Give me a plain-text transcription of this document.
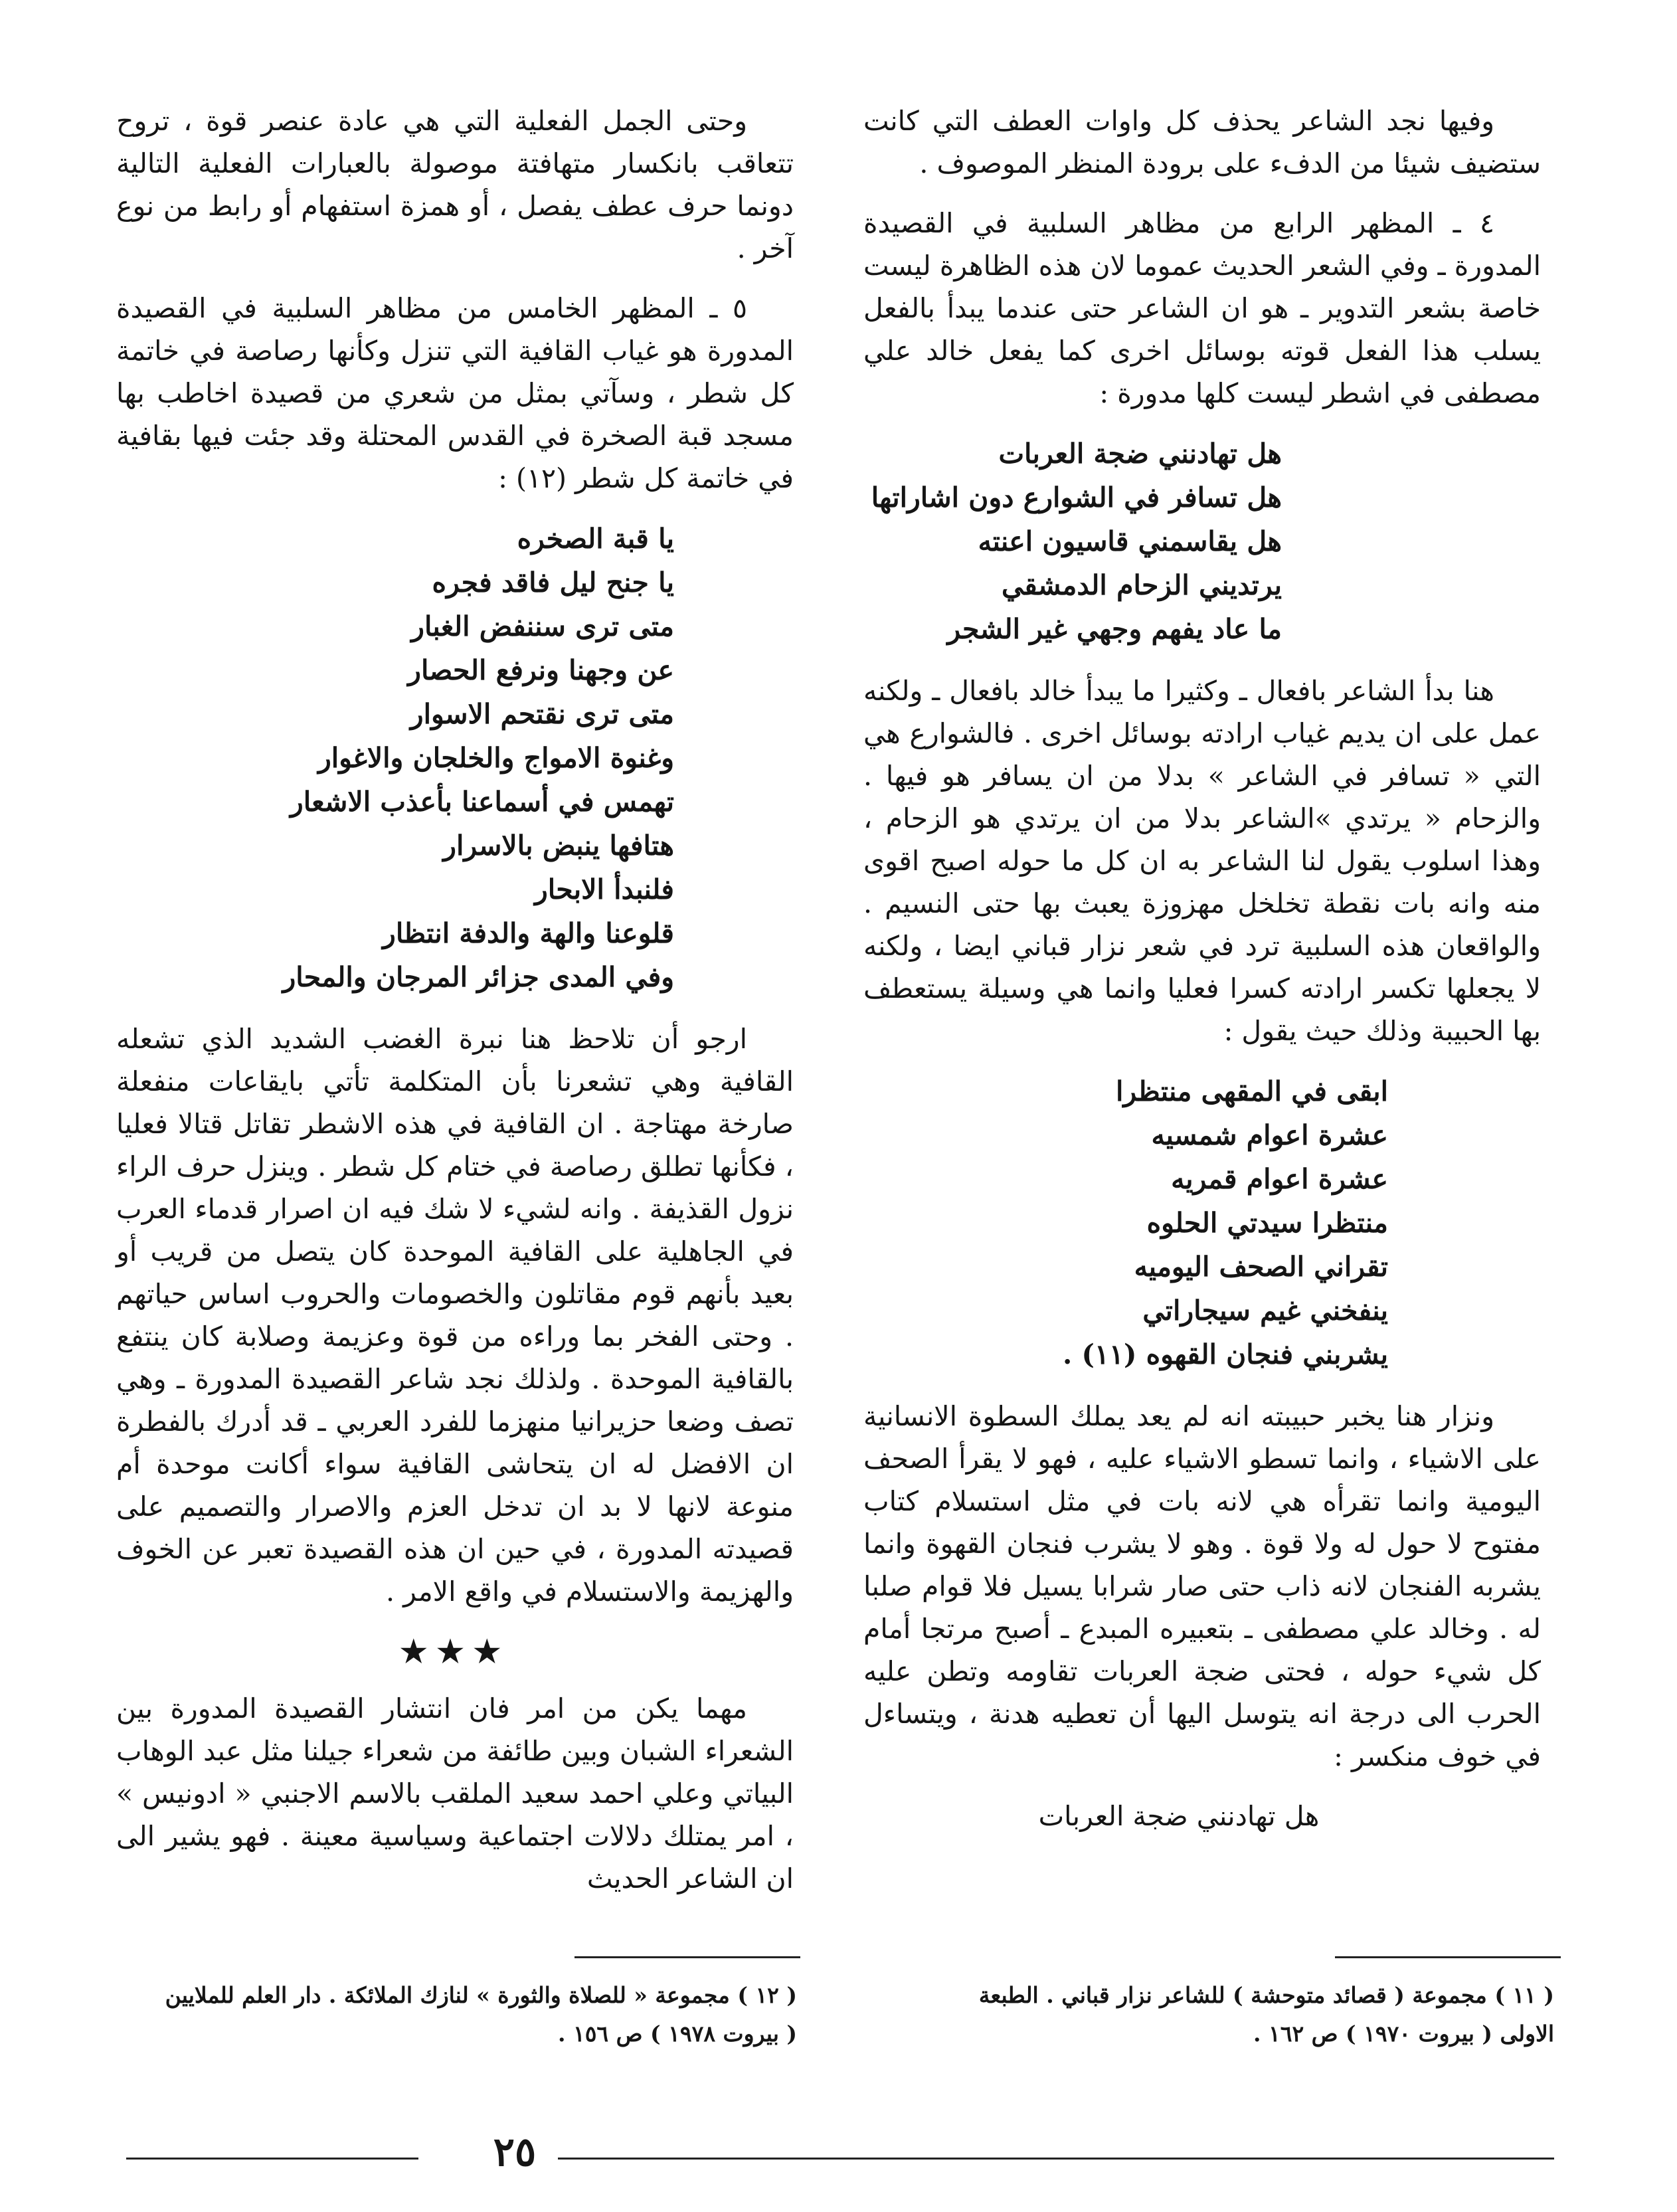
وفيها نجد الشاعر يحذف كل واوات العطف التي كانت ستضيف شيئا من الدفء على برودة المنظر الموصوف .

٤ ـ المظهر الرابع من مظاهر السلبية في القصيدة المدورة ـ وفي الشعر الحديث عموما لان هذه الظاهرة ليست خاصة بشعر التدوير ـ هو ان الشاعر حتى عندما يبدأ بالفعل يسلب هذا الفعل قوته بوسائل اخرى كما يفعل خالد علي مصطفى في اشطر ليست كلها مدورة :

هل تهادنني ضجة العربات
هل تسافر في الشوارع دون اشاراتها
هل يقاسمني قاسيون اعنته
يرتديني الزحام الدمشقي
ما عاد يفهم وجهي غير الشجر

هنا بدأ الشاعر بافعال ـ وكثيرا ما يبدأ خالد بافعال ـ ولكنه عمل على ان يديم غياب ارادته بوسائل اخرى . فالشوارع هي التي « تسافر في الشاعر » بدلا من ان يسافر هو فيها . والزحام « يرتدي »الشاعر بدلا من ان يرتدي هو الزحام ، وهذا اسلوب يقول لنا الشاعر به ان كل ما حوله اصبح اقوى منه وانه بات نقطة تخلخل مهزوزة يعبث بها حتى النسيم . والواقعان هذه السلبية ترد في شعر نزار قباني ايضا ، ولكنه لا يجعلها تكسر ارادته كسرا فعليا وانما هي وسيلة يستعطف بها الحبيبة وذلك حيث يقول :

ابقى في المقهى منتظرا
عشرة اعوام شمسيه
عشرة اعوام قمريه
منتظرا سيدتي الحلوه
تقراني الصحف اليوميه
ينفخني غيم سيجاراتي
يشربني فنجان القهوه (١١) .

ونزار هنا يخبر حبيبته انه لم يعد يملك السطوة الانسانية على الاشياء ، وانما تسطو الاشياء عليه ، فهو لا يقرأ الصحف اليومية وانما تقرأه هي لانه بات في مثل استسلام كتاب مفتوح لا حول له ولا قوة . وهو لا يشرب فنجان القهوة وانما يشربه الفنجان لانه ذاب حتى صار شرابا يسيل فلا قوام صلبا له . وخالد علي مصطفى ـ بتعبيره المبدع ـ أصبح مرتجا أمام كل شيء حوله ، فحتى ضجة العربات تقاومه وتطن عليه الحرب الى درجة انه يتوسل اليها أن تعطيه هدنة ، ويتساءل في خوف منكسر :

هل تهادنني ضجة العربات

وحتى الجمل الفعلية التي هي عادة عنصر قوة ، تروح تتعاقب بانكسار متهافتة موصولة بالعبارات الفعلية التالية دونما حرف عطف يفصل ، أو همزة استفهام أو رابط من نوع آخر .

٥ ـ المظهر الخامس من مظاهر السلبية في القصيدة المدورة هو غياب القافية التي تنزل وكأنها رصاصة في خاتمة كل شطر ، وسآتي بمثل من شعري من قصيدة اخاطب بها مسجد قبة الصخرة في القدس المحتلة وقد جئت فيها بقافية في خاتمة كل شطر (١٢) :

يا قبة الصخره
يا جنح ليل فاقد فجره
متى ترى سننفض الغبار
عن وجهنا ونرفع الحصار
متى ترى نقتحم الاسوار
وغنوة الامواج والخلجان والاغوار
تهمس في أسماعنا بأعذب الاشعار
هتافها ينبض بالاسرار
فلنبدأ الابحار
قلوعنا والهة والدفة انتظار
وفي المدى جزائر المرجان والمحار

ارجو أن تلاحظ هنا نبرة الغضب الشديد الذي تشعله القافية وهي تشعرنا بأن المتكلمة تأتي بايقاعات منفعلة صارخة مهتاجة . ان القافية في هذه الاشطر تقاتل قتالا فعليا ، فكأنها تطلق رصاصة في ختام كل شطر . وينزل حرف الراء نزول القذيفة . وانه لشيء لا شك فيه ان اصرار قدماء العرب في الجاهلية على القافية الموحدة كان يتصل من قريب أو بعيد بأنهم قوم مقاتلون والخصومات والحروب اساس حياتهم . وحتى الفخر بما وراءه من قوة وعزيمة وصلابة كان ينتفع بالقافية الموحدة . ولذلك نجد شاعر القصيدة المدورة ـ وهي تصف وضعا حزيرانيا منهزما للفرد العربي ـ قد أدرك بالفطرة ان الافضل له ان يتحاشى القافية سواء أكانت موحدة أم منوعة لانها لا بد ان تدخل العزم والاصرار والتصميم على قصيدته المدورة ، في حين ان هذه القصيدة تعبر عن الخوف والهزيمة والاستسلام في واقع الامر .

★★★

مهما يكن من امر فان انتشار القصيدة المدورة بين الشعراء الشبان وبين طائفة من شعراء جيلنا مثل عبد الوهاب البياتي وعلي احمد سعيد الملقب بالاسم الاجنبي « ادونيس » ، امر يمتلك دلالات اجتماعية وسياسية معينة . فهو يشير الى ان الشاعر الحديث

( ١١ ) مجموعة ( قصائد متوحشة ) للشاعر نزار قباني . الطبعة
الاولى ( بيروت ١٩٧٠ ) ص ١٦٢ .
( ١٢ ) مجموعة « للصلاة والثورة » لنازك الملائكة . دار العلم للملايين
( بيروت ١٩٧٨ ) ص ١٥٦ .
٢٥
